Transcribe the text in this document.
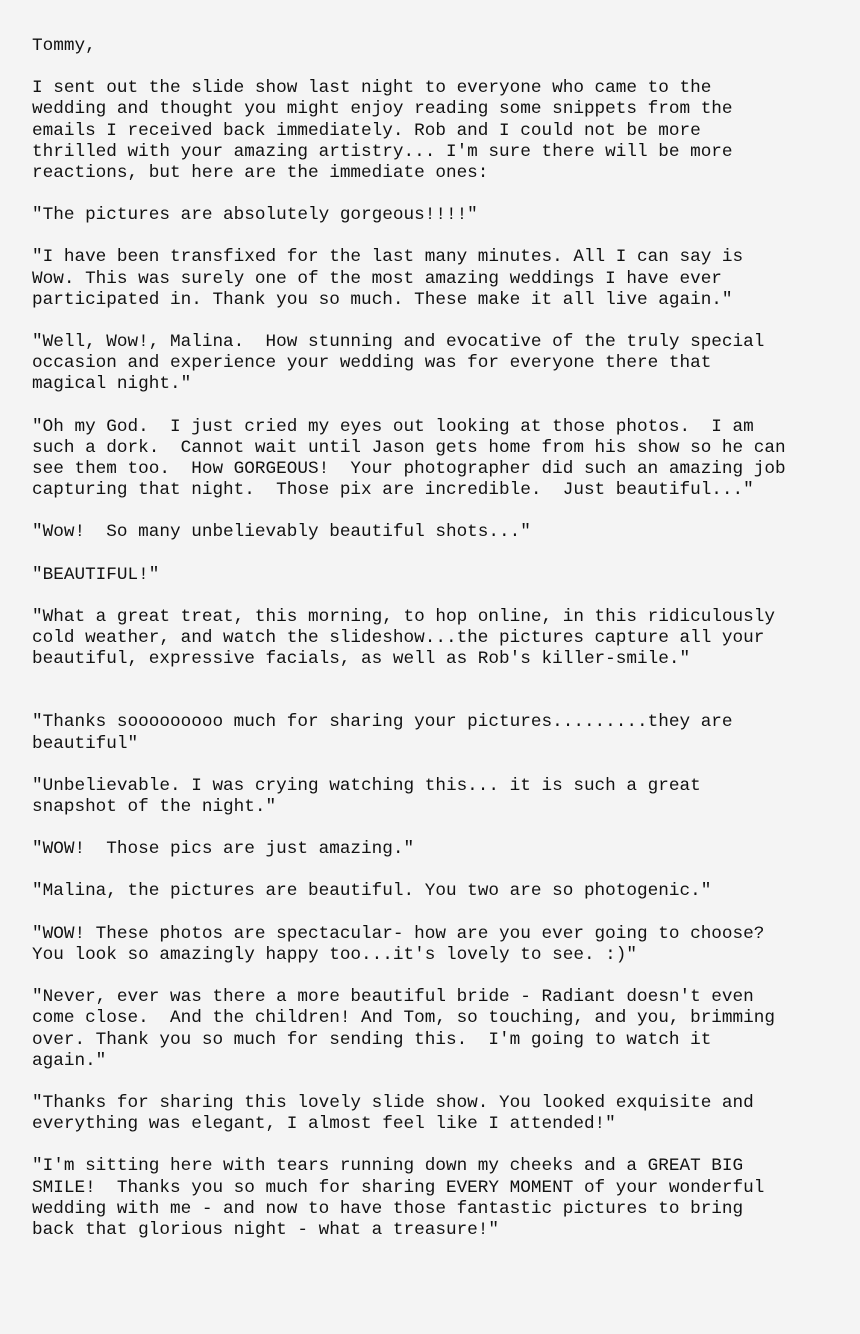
Tommy,

I sent out the slide show last night to everyone who came to the
wedding and thought you might enjoy reading some snippets from the
emails I received back immediately. Rob and I could not be more
thrilled with your amazing artistry... I'm sure there will be more
reactions, but here are the immediate ones:

"The pictures are absolutely gorgeous!!!!"

"I have been transfixed for the last many minutes. All I can say is
Wow. This was surely one of the most amazing weddings I have ever
participated in. Thank you so much. These make it all live again."

"Well, Wow!, Malina.  How stunning and evocative of the truly special
occasion and experience your wedding was for everyone there that
magical night."

"Oh my God.  I just cried my eyes out looking at those photos.  I am
such a dork.  Cannot wait until Jason gets home from his show so he can
see them too.  How GORGEOUS!  Your photographer did such an amazing job
capturing that night.  Those pix are incredible.  Just beautiful..."

"Wow!  So many unbelievably beautiful shots..."

"BEAUTIFUL!"

"What a great treat, this morning, to hop online, in this ridiculously
cold weather, and watch the slideshow...the pictures capture all your
beautiful, expressive facials, as well as Rob's killer-smile."

"Thanks sooooooooo much for sharing your pictures.........they are
beautiful"

"Unbelievable. I was crying watching this... it is such a great
snapshot of the night."

"WOW!  Those pics are just amazing."

"Malina, the pictures are beautiful. You two are so photogenic."

"WOW! These photos are spectacular- how are you ever going to choose?
You look so amazingly happy too...it's lovely to see. :)"

"Never, ever was there a more beautiful bride - Radiant doesn't even
come close.  And the children! And Tom, so touching, and you, brimming
over. Thank you so much for sending this.  I'm going to watch it
again."

"Thanks for sharing this lovely slide show. You looked exquisite and
everything was elegant, I almost feel like I attended!"

"I'm sitting here with tears running down my cheeks and a GREAT BIG
SMILE!  Thanks you so much for sharing EVERY MOMENT of your wonderful
wedding with me - and now to have those fantastic pictures to bring
back that glorious night - what a treasure!"
